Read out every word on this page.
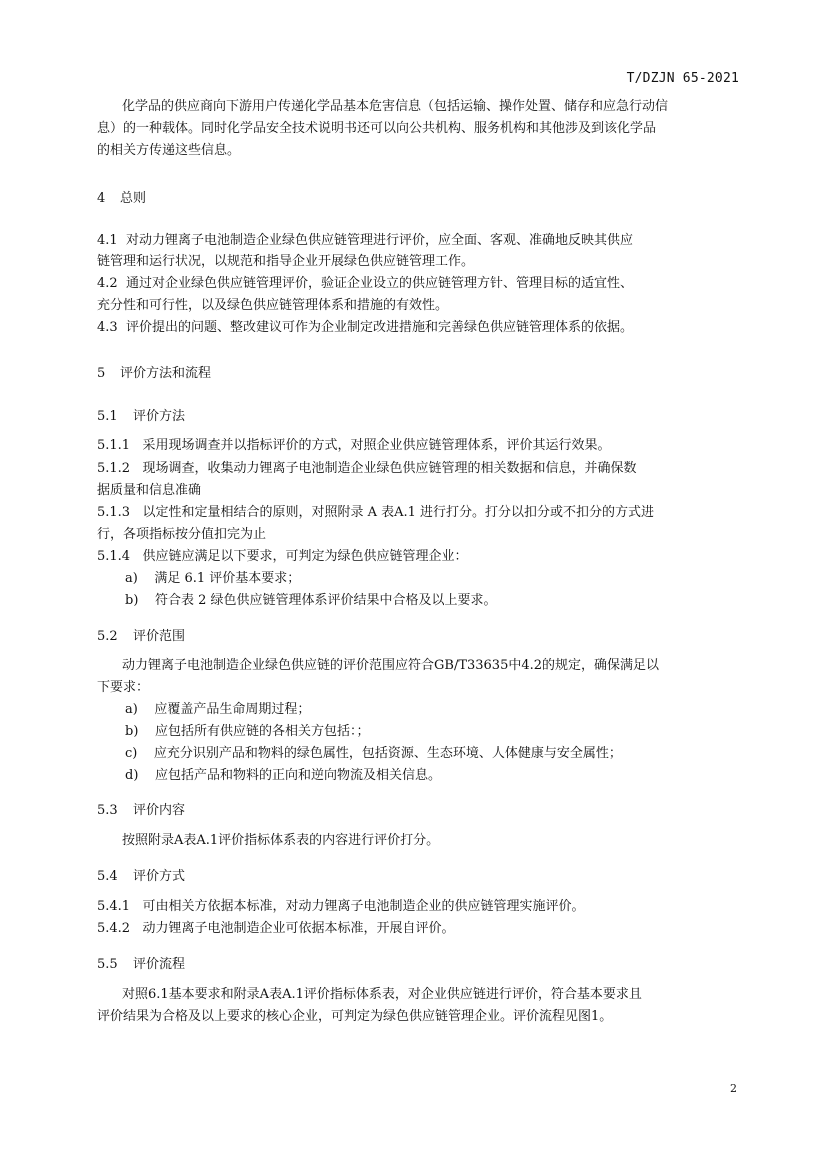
T/DZJN 65-2021
化学品的供应商向下游用户传递化学品基本危害信息（包括运输、操作处置、储存和应急行动信
息）的一种载体。同时化学品安全技术说明书还可以向公共机构、服务机构和其他涉及到该化学品
的相关方传递这些信息。
4 总则
4.1 对动力锂离子电池制造企业绿色供应链管理进行评价，应全面、客观、准确地反映其供应
链管理和运行状况，以规范和指导企业开展绿色供应链管理工作。
4.2 通过对企业绿色供应链管理评价，验证企业设立的供应链管理方针、管理目标的适宜性、
充分性和可行性，以及绿色供应链管理体系和措施的有效性。
4.3 评价提出的问题、整改建议可作为企业制定改进措施和完善绿色供应链管理体系的依据。
5 评价方法和流程
5.1 评价方法
5.1.1 采用现场调查并以指标评价的方式，对照企业供应链管理体系，评价其运行效果。
5.1.2 现场调查，收集动力锂离子电池制造企业绿色供应链管理的相关数据和信息，并确保数
据质量和信息准确
5.1.3 以定性和定量相结合的原则，对照附录 A 表A.1 进行打分。打分以扣分或不扣分的方式进
行，各项指标按分值扣完为止
5.1.4 供应链应满足以下要求，可判定为绿色供应链管理企业：
a) 满足 6.1 评价基本要求；
b) 符合表 2 绿色供应链管理体系评价结果中合格及以上要求。
5.2 评价范围
动力锂离子电池制造企业绿色供应链的评价范围应符合GB/T33635中4.2的规定，确保满足以
下要求：
a) 应覆盖产品生命周期过程；
b) 应包括所有供应链的各相关方包括：；
c) 应充分识别产品和物料的绿色属性，包括资源、生态环境、人体健康与安全属性；
d) 应包括产品和物料的正向和逆向物流及相关信息。
5.3 评价内容
按照附录A表A.1评价指标体系表的内容进行评价打分。
5.4 评价方式
5.4.1 可由相关方依据本标准，对动力锂离子电池制造企业的供应链管理实施评价。
5.4.2 动力锂离子电池制造企业可依据本标准，开展自评价。
5.5 评价流程
对照6.1基本要求和附录A表A.1评价指标体系表，对企业供应链进行评价，符合基本要求且
评价结果为合格及以上要求的核心企业，可判定为绿色供应链管理企业。评价流程见图1。
2
